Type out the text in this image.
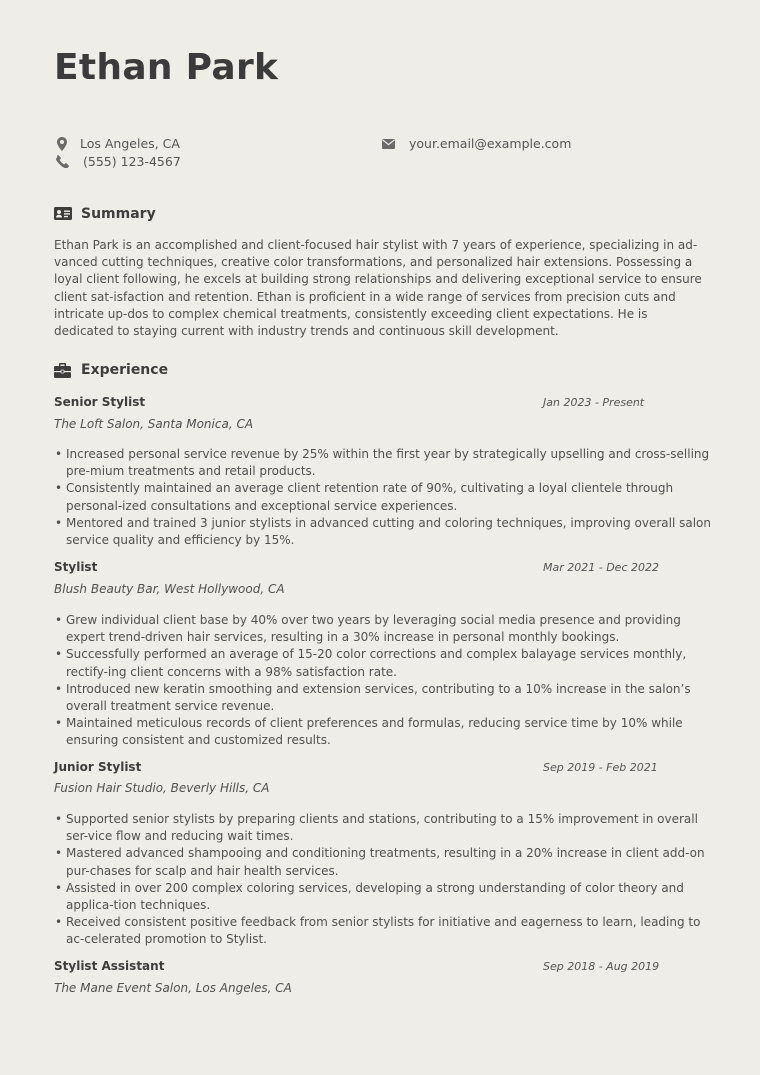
Ethan Park
Los Angeles, CA
(555) 123-4567
your.email@example.com
Summary

Ethan Park is an accomplished and client-focused hair stylist with 7 years of experience, specializing in ad-vanced cutting techniques, creative color transformations, and personalized hair extensions. Possessing a loyal client following, he excels at building strong relationships and delivering exceptional service to ensure client sat-isfaction and retention. Ethan is proficient in a wide range of services from precision cuts and intricate up-dos to complex chemical treatments, consistently exceeding client expectations. He is dedicated to staying current with industry trends and continuous skill development.

Experience
Senior Stylist	Jan 2023 - Present
The Loft Salon, Santa Monica, CA
• Increased personal service revenue by 25% within the first year by strategically upselling and cross-selling pre-mium treatments and retail products.
• Consistently maintained an average client retention rate of 90%, cultivating a loyal clientele through personal-ized consultations and exceptional service experiences.
• Mentored and trained 3 junior stylists in advanced cutting and coloring techniques, improving overall salon service quality and efficiency by 15%.
Stylist	Mar 2021 - Dec 2022
Blush Beauty Bar, West Hollywood, CA
• Grew individual client base by 40% over two years by leveraging social media presence and providing expert trend-driven hair services, resulting in a 30% increase in personal monthly bookings.
• Successfully performed an average of 15-20 color corrections and complex balayage services monthly, rectify-ing client concerns with a 98% satisfaction rate.
• Introduced new keratin smoothing and extension services, contributing to a 10% increase in the salon’s overall treatment service revenue.
• Maintained meticulous records of client preferences and formulas, reducing service time by 10% while ensuring consistent and customized results.
Junior Stylist	Sep 2019 - Feb 2021
Fusion Hair Studio, Beverly Hills, CA
• Supported senior stylists by preparing clients and stations, contributing to a 15% improvement in overall ser-vice flow and reducing wait times.
• Mastered advanced shampooing and conditioning treatments, resulting in a 20% increase in client add-on pur-chases for scalp and hair health services.
• Assisted in over 200 complex coloring services, developing a strong understanding of color theory and applica-tion techniques.
• Received consistent positive feedback from senior stylists for initiative and eagerness to learn, leading to ac-celerated promotion to Stylist.
Stylist Assistant	Sep 2018 - Aug 2019
The Mane Event Salon, Los Angeles, CA
